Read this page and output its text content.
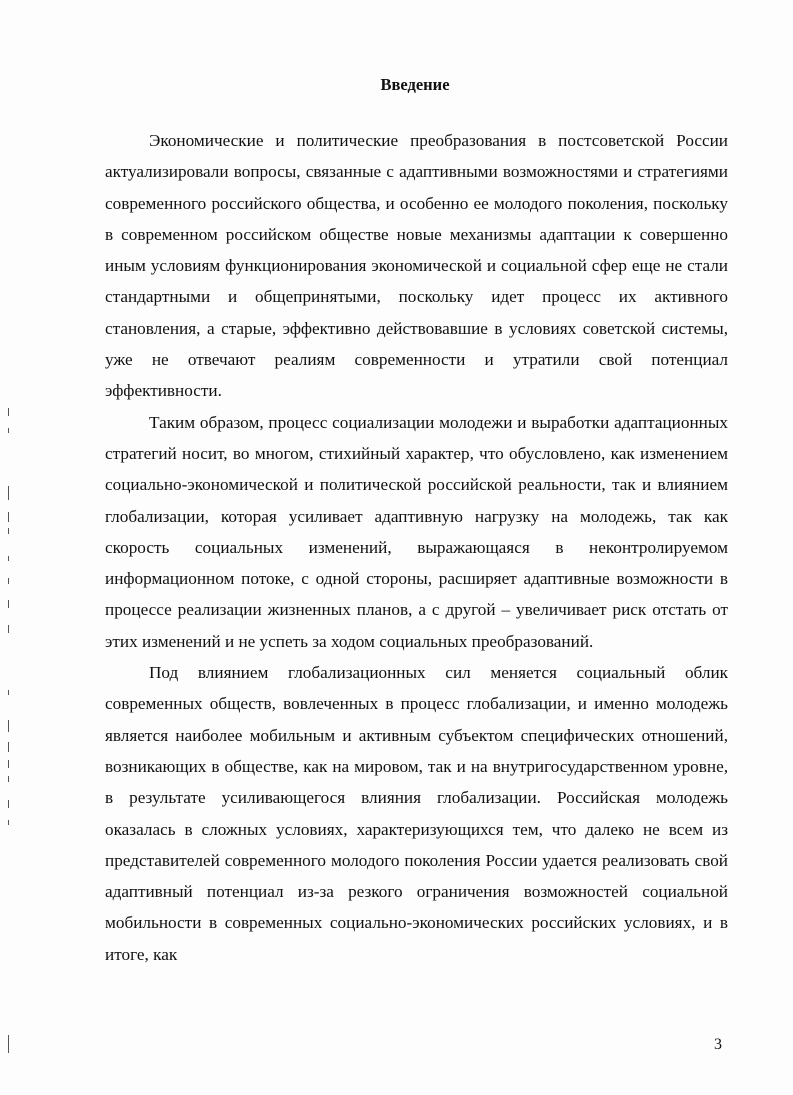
Введение

Экономические и политические преобразования в постсоветской России актуализировали вопросы, связанные с адаптивными возможностями и стратегиями современного российского общества, и особенно ее молодого поколения, поскольку в современном российском обществе новые механизмы адаптации к совершенно иным условиям функционирования экономической и социальной сфер еще не стали стандартными и общепринятыми, поскольку идет процесс их активного становления, а старые, эффективно действовавшие в условиях советской системы, уже не отвечают реалиям современности и утратили свой потенциал эффективности.

Таким образом, процесс социализации молодежи и выработки адаптационных стратегий носит, во многом, стихийный характер, что обусловлено, как изменением социально-экономической и политической российской реальности, так и влиянием глобализации, которая усиливает адаптивную нагрузку на молодежь, так как скорость социальных изменений, выражающаяся в неконтролируемом информационном потоке, с одной стороны, расширяет адаптивные возможности в процессе реализации жизненных планов, а с другой – увеличивает риск отстать от этих изменений и не успеть за ходом социальных преобразований.

Под влиянием глобализационных сил меняется социальный облик современных обществ, вовлеченных в процесс глобализации, и именно молодежь является наиболее мобильным и активным субъектом специфических отношений, возникающих в обществе, как на мировом, так и на внутригосударственном уровне, в результате усиливающегося влияния глобализации. Российская молодежь оказалась в сложных условиях, характеризующихся тем, что далеко не всем из представителей современного молодого поколения России удается реализовать свой адаптивный потенциал из-за резкого ограничения возможностей социальной мобильности в современных социально-экономических российских условиях, и в итоге, как

3
